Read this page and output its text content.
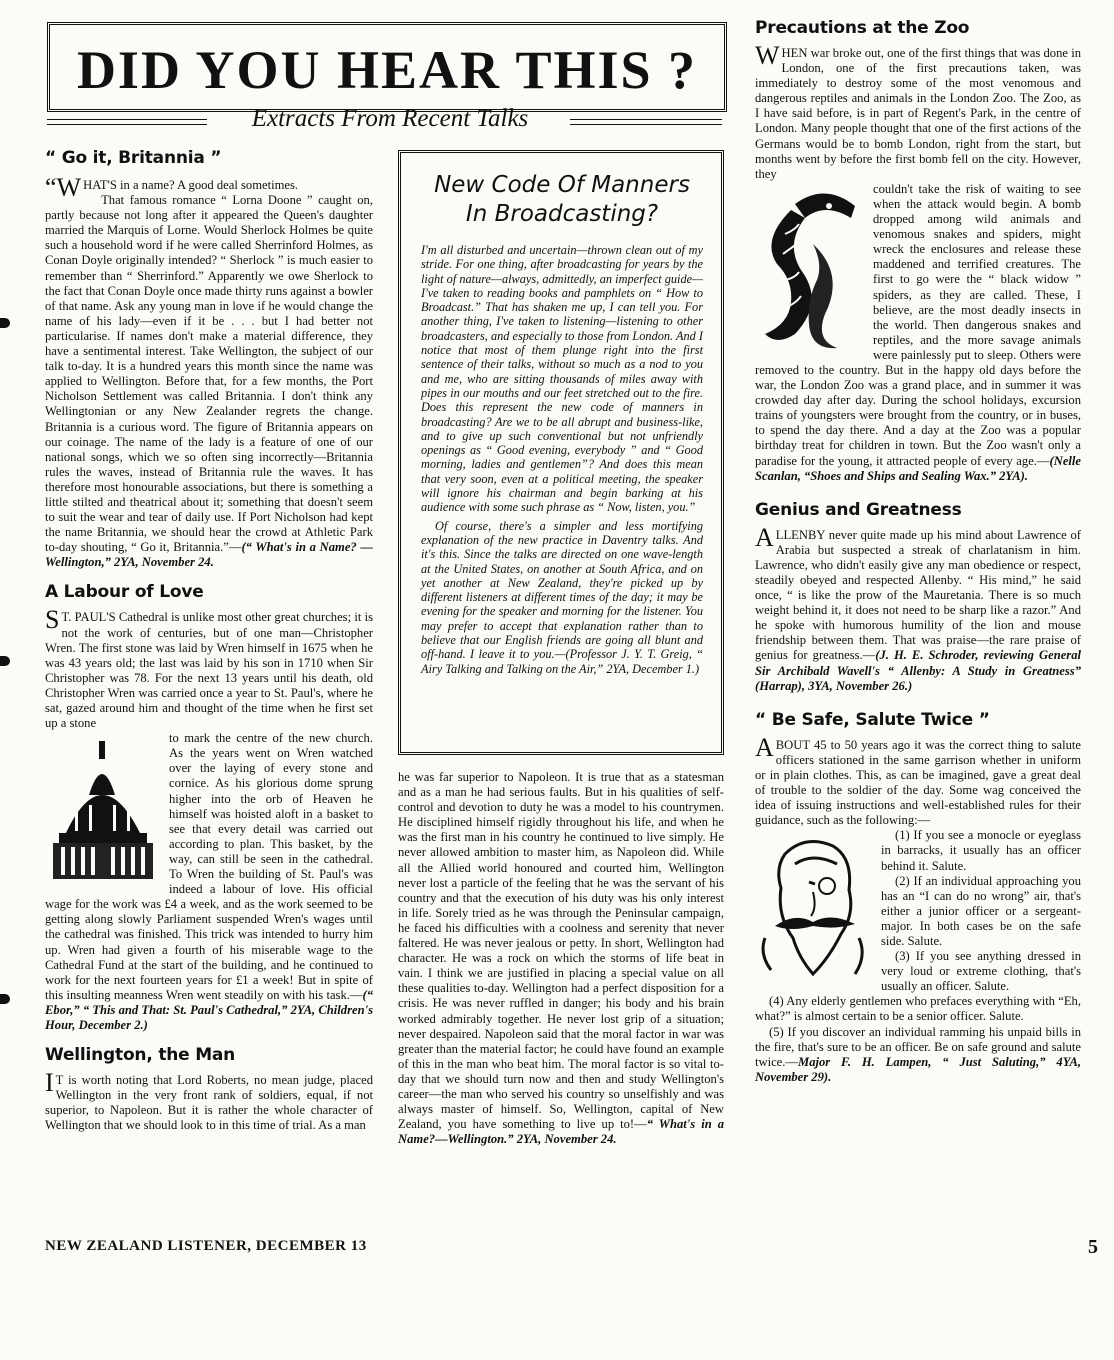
DID YOU HEAR THIS ?
Extracts From Recent Talks
“ Go it, Britannia ”

“WHAT'S in a name? A good deal sometimes.

That famous romance “ Lorna Doone ” caught on, partly because not long after it appeared the Queen's daughter married the Marquis of Lorne. Would Sherlock Holmes be quite such a household word if he were called Sherrinford Holmes, as Conan Doyle originally intended? “ Sherlock ” is much easier to remember than “ Sherrinford.” Apparently we owe Sherlock to the fact that Conan Doyle once made thirty runs against a bowler of that name. Ask any young man in love if he would change the name of his lady—even if it be . . . but I had better not particularise. If names don't make a material difference, they have a sentimental interest. Take Wellington, the subject of our talk to-day. It is a hundred years this month since the name was applied to Wellington. Before that, for a few months, the Port Nicholson Settlement was called Britannia. I don't think any Wellingtonian or any New Zealander regrets the change. Britannia is a curious word. The figure of Britannia appears on our coinage. The name of the lady is a feature of one of our national songs, which we so often sing incorrectly—Britannia rules the waves, instead of Britannia rule the waves. It has therefore most honourable associations, but there is something a little stilted and theatrical about it; something that doesn't seem to suit the wear and tear of daily use. If Port Nicholson had kept the name Britannia, we should hear the crowd at Athletic Park to-day shouting, “ Go it, Britannia.”—(“ What's in a Name? —Wellington,” 2YA, November 24.

A Labour of Love

S T. PAUL'S Cathedral is unlike most other great churches; it is not the work of centuries, but of one man—Christopher Wren. The first stone was laid by Wren himself in 1675 when he was 43 years old; the last was laid by his son in 1710 when Sir Christopher was 78. For the next 13 years until his death, old Christopher Wren was carried once a year to St. Paul's, where he sat, gazed around him and thought of the time when he first set up a stone

to mark the centre of the new church. As the years went on Wren watched over the laying of every stone and cornice. As his glorious dome sprung higher into the orb of Heaven he himself was hoisted aloft in a basket to see that every detail was carried out according to plan. This basket, by the way, can still be seen in the cathedral. To Wren the building of St. Paul's was indeed a labour of love. His official wage for the work was £4 a week, and as the work seemed to be getting along slowly Parliament suspended Wren's wages until the cathedral was finished. This trick was intended to hurry him up. Wren had given a fourth of his miserable wage to the Cathedral Fund at the start of the building, and he continued to work for the next fourteen years for £1 a week! But in spite of this insulting meanness Wren went steadily on with his task.—(“ Ebor,” “ This and That: St. Paul's Cathedral,” 2YA, Children's Hour, December 2.)

Wellington, the Man

I T is worth noting that Lord Roberts, no mean judge, placed Wellington in the very front rank of soldiers, equal, if not superior, to Napoleon. But it is rather the whole character of Wellington that we should look to in this time of trial. As a man

New Code Of Manners In Broadcasting?

I'm all disturbed and uncertain—thrown clean out of my stride. For one thing, after broadcasting for years by the light of nature—always, admittedly, an imperfect guide—I've taken to reading books and pamphlets on “ How to Broadcast.” That has shaken me up, I can tell you. For another thing, I've taken to listening—listening to other broadcasters, and especially to those from London. And I notice that most of them plunge right into the first sentence of their talks, without so much as a nod to you and me, who are sitting thousands of miles away with pipes in our mouths and our feet stretched out to the fire. Does this represent the new code of manners in broadcasting? Are we to be all abrupt and business-like, and to give up such conventional but not unfriendly openings as “ Good evening, everybody ” and “ Good morning, ladies and gentlemen”? And does this mean that very soon, even at a political meeting, the speaker will ignore his chairman and begin barking at his audience with some such phrase as “ Now, listen, you.”

Of course, there's a simpler and less mortifying explanation of the new practice in Daventry talks. And it's this. Since the talks are directed on one wave-length at the United States, on another at South Africa, and on yet another at New Zealand, they're picked up by different listeners at different times of the day; it may be evening for the speaker and morning for the listener. You may prefer to accept that explanation rather than to believe that our English friends are going all blunt and off-hand. I leave it to you.—(Professor J. Y. T. Greig, “ Airy Talking and Talking on the Air,” 2YA, December 1.)

he was far superior to Napoleon. It is true that as a statesman and as a man he had serious faults. But in his qualities of self-control and devotion to duty he was a model to his countrymen. He disciplined himself rigidly throughout his life, and when he was the first man in his country he continued to live simply. He never allowed ambition to master him, as Napoleon did. While all the Allied world honoured and courted him, Wellington never lost a particle of the feeling that he was the servant of his country and that the execution of his duty was his only interest in life. Sorely tried as he was through the Peninsular campaign, he faced his difficulties with a coolness and serenity that never faltered. He was never jealous or petty. In short, Wellington had character. He was a rock on which the storms of life beat in vain. I think we are justified in placing a special value on all these qualities to-day. Wellington had a perfect disposition for a crisis. He was never ruffled in danger; his body and his brain worked admirably together. He never lost grip of a situation; never despaired. Napoleon said that the moral factor in war was greater than the material factor; he could have found an example of this in the man who beat him. The moral factor is so vital to-day that we should turn now and then and study Wellington's career—the man who served his country so unselfishly and was always master of himself. So, Wellington, capital of New Zealand, you have something to live up to!—“ What's in a Name?—Wellington.” 2YA, November 24.

Precautions at the Zoo

WHEN war broke out, one of the first things that was done in London, one of the first precautions taken, was immediately to destroy some of the most venomous and dangerous reptiles and animals in the London Zoo. The Zoo, as I have said before, is in part of Regent's Park, in the centre of London. Many people thought that one of the first actions of the Germans would be to bomb London, right from the start, but months went by before the first bomb fell on the city. However, they

couldn't take the risk of waiting to see when the attack would begin. A bomb dropped among wild animals and venomous snakes and spiders, might wreck the enclosures and release these maddened and terrified creatures. The first to go were the “ black widow ” spiders, as they are called. These, I believe, are the most deadly insects in the world. Then dangerous snakes and reptiles, and the more savage animals were painlessly put to sleep. Others were removed to the country. But in the happy old days before the war, the London Zoo was a grand place, and in summer it was crowded day after day. During the school holidays, excursion trains of youngsters were brought from the country, or in buses, to spend the day there. And a day at the Zoo was a popular birthday treat for children in town. But the Zoo wasn't only a paradise for the young, it attracted people of every age.—(Nelle Scanlan, “Shoes and Ships and Sealing Wax.” 2YA).

Genius and Greatness

ALLENBY never quite made up his mind about Lawrence of Arabia but suspected a streak of charlatanism in him. Lawrence, who didn't easily give any man obedience or respect, steadily obeyed and respected Allenby. “ His mind,” he said once, “ is like the prow of the Mauretania. There is so much weight behind it, it does not need to be sharp like a razor.” And he spoke with humorous humility of the lion and mouse friendship between them. That was praise—the rare praise of genius for greatness.—(J. H. E. Schroder, reviewing General Sir Archibald Wavell's “ Allenby: A Study in Greatness” (Harrap), 3YA, November 26.)

“ Be Safe, Salute Twice ”

ABOUT 45 to 50 years ago it was the correct thing to salute officers stationed in the same garrison whether in uniform or in plain clothes. This, as can be imagined, gave a great deal of trouble to the soldier of the day. Some wag conceived the idea of issuing instructions and well-established rules for their guidance, such as the following:—

(1) If you see a monocle or eyeglass in barracks, it usually has an officer behind it. Salute.

(2) If an individual approaching you has an “I can do no wrong” air, that's either a junior officer or a sergeant-major. In both cases be on the safe side. Salute.

(3) If you see anything dressed in very loud or extreme clothing, that's usually an officer. Salute.

(4) Any elderly gentlemen who prefaces everything with “Eh, what?” is almost certain to be a senior officer. Salute.

(5) If you discover an individual ramming his unpaid bills in the fire, that's sure to be an officer. Be on safe ground and salute twice.—Major F. H. Lampen, “ Just Saluting,” 4YA, November 29).

NEW ZEALAND LISTENER, DECEMBER 13	5
